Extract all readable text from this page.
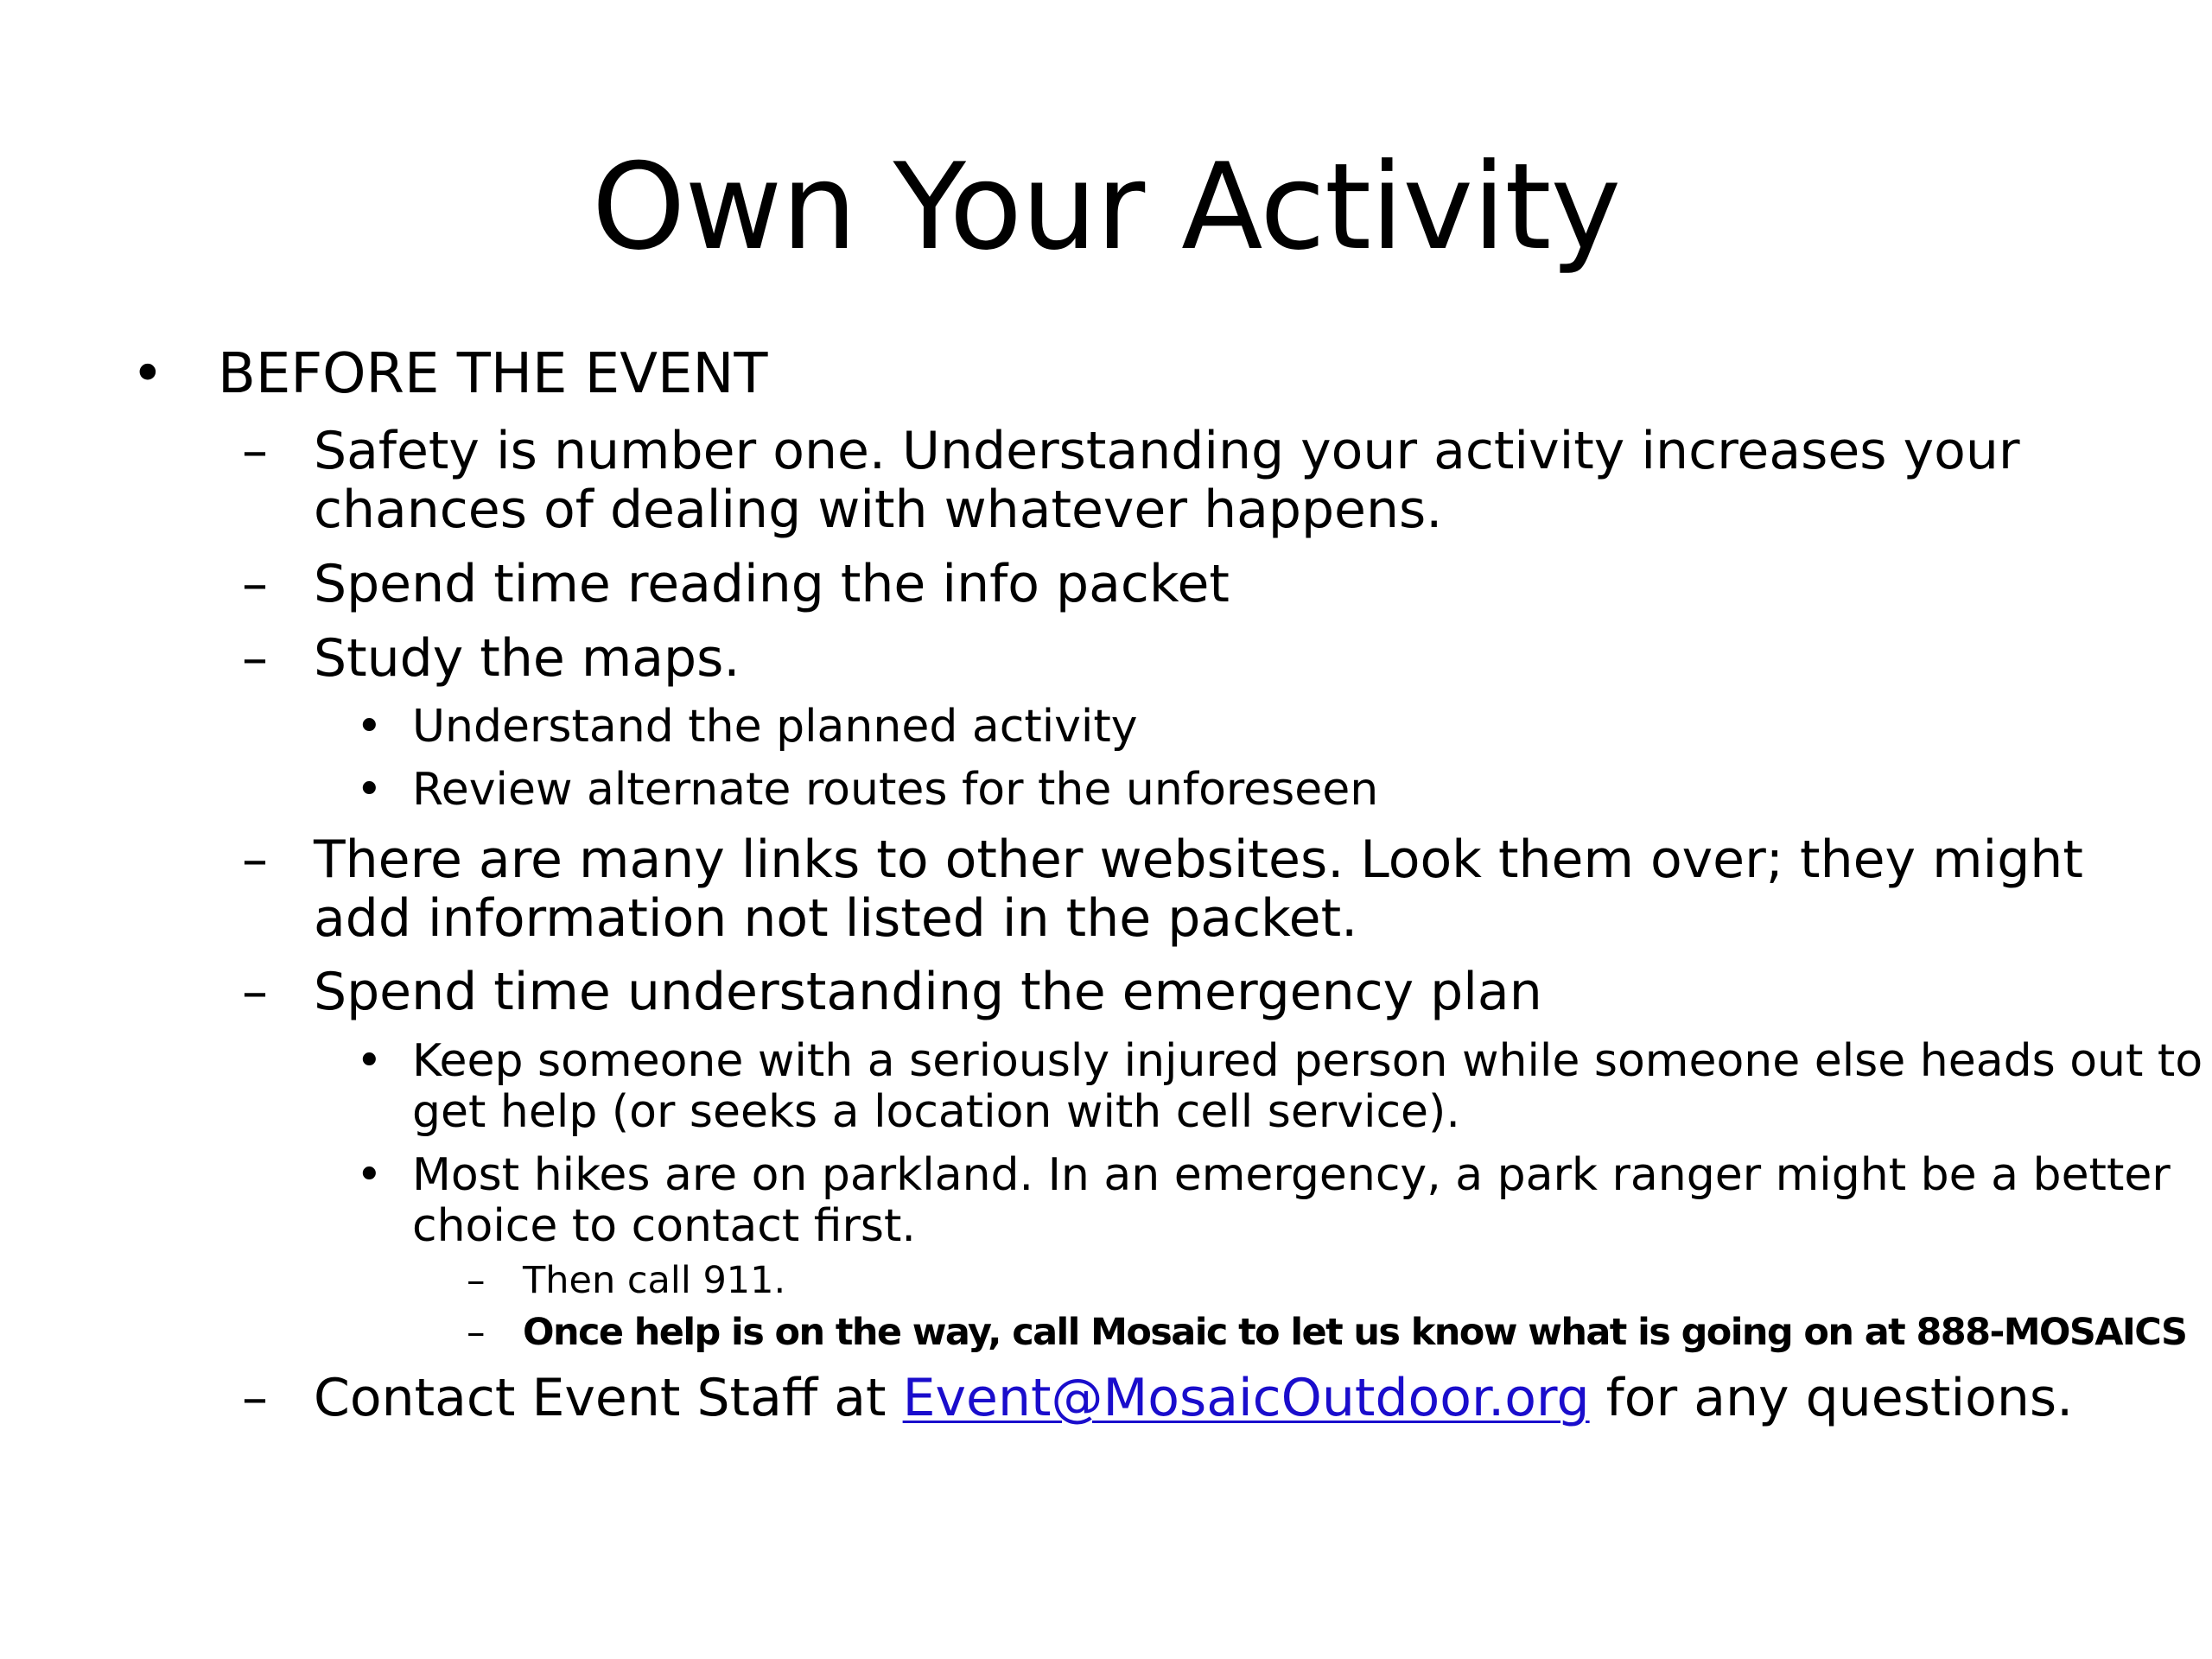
Own Your Activity
• BEFORE THE EVENT

– Safety is number one. Understanding your activity increases your

chances of dealing with whatever happens.

– Spend time reading the info packet

– Study the maps.

• Understand the planned activity

• Review alternate routes for the unforeseen

– There are many links to other websites. Look them over; they might

add information not listed in the packet.

– Spend time understanding the emergency plan

• Keep someone with a seriously injured person while someone else heads out to

get help (or seeks a location with cell service).

• Most hikes are on parkland. In an emergency, a park ranger might be a better

choice to contact first.

– Then call 911.

– Once help is on the way, call Mosaic to let us know what is going on at 888-MOSAICS

– Contact Event Staff at Event@MosaicOutdoor.org for any questions.
